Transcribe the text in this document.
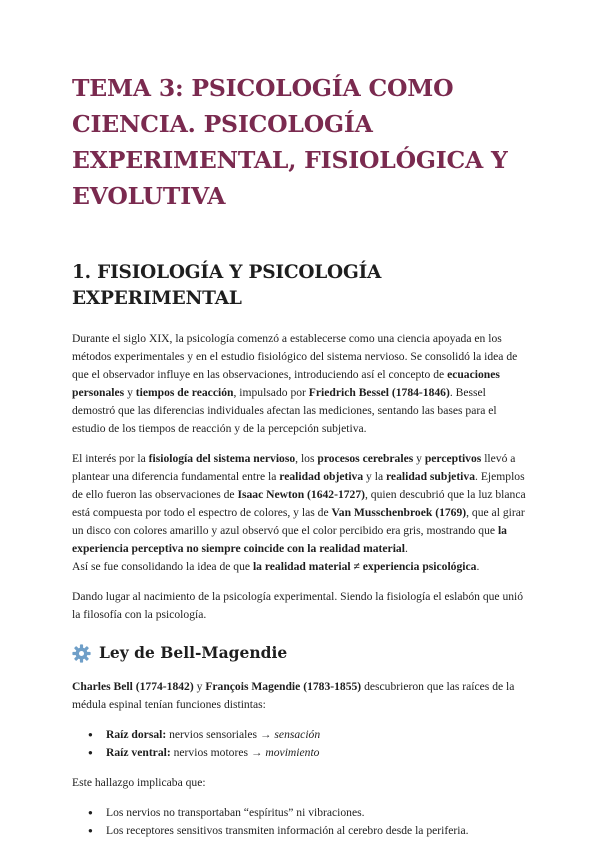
TEMA 3: PSICOLOGÍA COMO CIENCIA. PSICOLOGÍA EXPERIMENTAL, FISIOLÓGICA Y EVOLUTIVA
1. FISIOLOGÍA Y PSICOLOGÍA EXPERIMENTAL

Durante el siglo XIX, la psicología comenzó a establecerse como una ciencia apoyada en los métodos experimentales y en el estudio fisiológico del sistema nervioso. Se consolidó la idea de que el observador influye en las observaciones, introduciendo así el concepto de ecuaciones personales y tiempos de reacción, impulsado por Friedrich Bessel (1784-1846). Bessel demostró que las diferencias individuales afectan las mediciones, sentando las bases para el estudio de los tiempos de reacción y de la percepción subjetiva.

El interés por la fisiología del sistema nervioso, los procesos cerebrales y perceptivos llevó a plantear una diferencia fundamental entre la realidad objetiva y la realidad subjetiva. Ejemplos de ello fueron las observaciones de Isaac Newton (1642-1727), quien descubrió que la luz blanca está compuesta por todo el espectro de colores, y las de Van Musschenbroek (1769), que al girar un disco con colores amarillo y azul observó que el color percibido era gris, mostrando que la experiencia perceptiva no siempre coincide con la realidad material.
Así se fue consolidando la idea de que la realidad material ≠ experiencia psicológica.

Dando lugar al nacimiento de la psicología experimental. Siendo la fisiología el eslabón que unió la filosofía con la psicología.

Ley de Bell-Magendie

Charles Bell (1774-1842) y François Magendie (1783-1855) descubrieron que las raíces de la médula espinal tenían funciones distintas:

● Raíz dorsal: nervios sensoriales → sensación
● Raíz ventral: nervios motores → movimiento

Este hallazgo implicaba que:

● Los nervios no transportaban “espíritus” ni vibraciones.
● Los receptores sensitivos transmiten información al cerebro desde la periferia.
